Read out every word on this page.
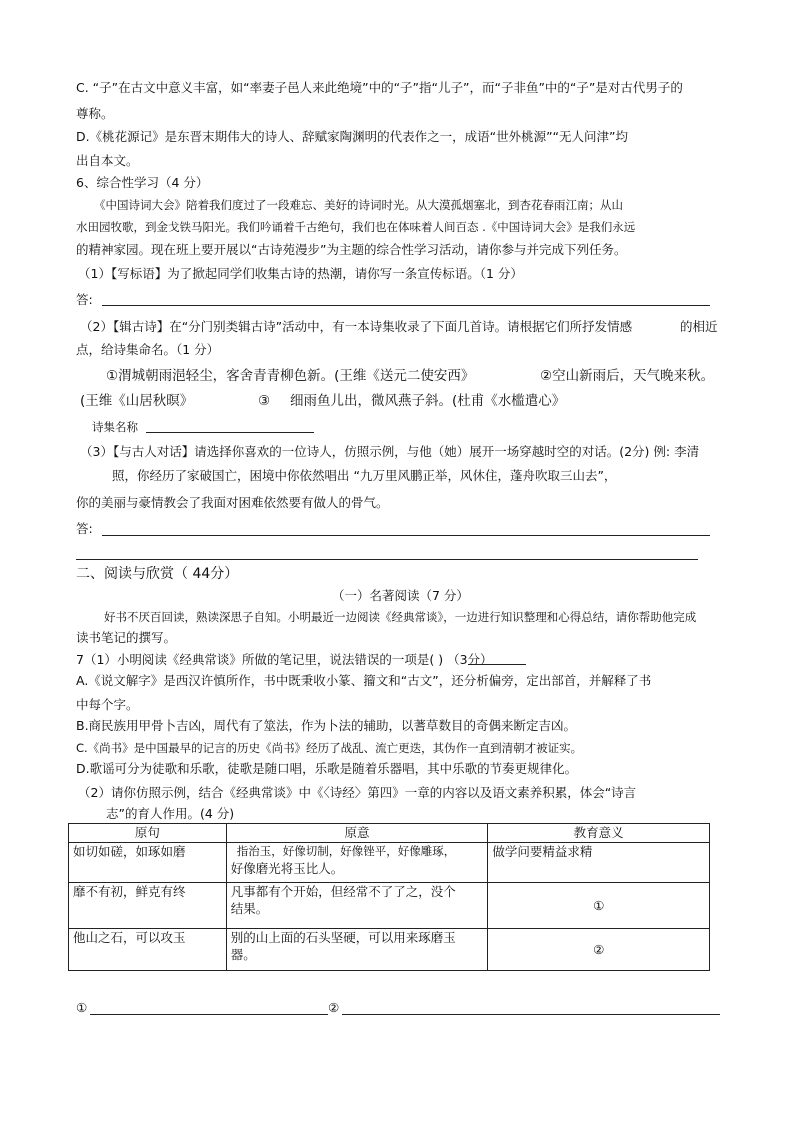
C. “子”在古文中意义丰富，如“率妻子邑人来此绝境”中的“子”指“儿子”，而“子非鱼”中的“子”是对古代男子的
尊称。
D.《桃花源记》是东晋末期伟大的诗人、辞赋家陶渊明的代表作之一，成语“世外桃源”“无人问津”均
出自本文。
6、综合性学习（4 分）
《中国诗词大会》陪着我们度过了一段难忘、美好的诗词时光。从大漠孤烟塞北，到杏花春雨江南；从山
水田园牧歌，到金戈铁马阳光。我们吟诵着千古绝句，我们也在体味着人间百态 .《中国诗词大会》是我们永远
的精神家园。现在班上要开展以“古诗苑漫步”为主题的综合性学习活动，请你参与并完成下列任务。
（1）【写标语】为了掀起同学们收集古诗的热潮，请你写一条宣传标语。（1 分）
答:
（2）【辑古诗】在“分门别类辑古诗”活动中，有一本诗集收录了下面几首诗。请根据它们所抒发情感	的相近
点，给诗集命名。（1 分）
①渭城朝雨浥轻尘，客舍青青柳色新。(王维《送元二使安西》	②空山新雨后，天气晚来秋。
(王维《山居秋暝》	③ 细雨鱼儿出，微风燕子斜。(杜甫《水槛遣心》
诗集名称
（3）【与古人对话】请选择你喜欢的一位诗人，仿照示例，与他（她）展开一场穿越时空的对话。(2分) 例: 李清
照，你经历了家破国亡，困境中你依然唱出 “九万里风鹏正举，风休住，蓬舟吹取三山去”，
你的美丽与豪情教会了我面对困难依然要有做人的骨气。
答:
二、阅读与欣赏（ 44分）
（一）名著阅读（7 分）
好书不厌百回读，熟读深思子自知。小明最近一边阅读《经典常谈》，一边进行知识整理和心得总结，请你帮助他完成
读书笔记的撰写。
7（1）小明阅读《经典常谈》所做的笔记里，说法错误的一项是( ) （3分）
A.《说文解字》是西汉许慎所作，书中既秉收小篆、籀文和“古文”，还分析偏旁，定出部首，并解释了书
中每个字。
B.商民族用甲骨卜吉凶，周代有了筮法，作为卜法的辅助，以蓍草数目的奇偶来断定吉凶。
C.《尚书》是中国最早的记言的历史《尚书》经历了战乱、流亡更迭，其伪作一直到清朝才被证实。
D.歌谣可分为徒歌和乐歌，徒歌是随口唱，乐歌是随着乐器唱，其中乐歌的节奏更规律化。
（2）请你仿照示例，结合《经典常谈》中《〈诗经〉第四》一章的内容以及语文素养积累，体会“诗言
志”的育人作用。(4 分)
原句	原意	教育意义
如切如磋，如琢如磨	指治玉，好像切制，好像锉平，好像雕琢，
好像磨光将玉比人。	做学问要精益求精
靡不有初，鲜克有终	凡事都有个开始，但经常不了了之，没个
结果。	①
他山之石，可以攻玉	别的山上面的石头坚硬，可以用来琢磨玉
器。	②
①	②
